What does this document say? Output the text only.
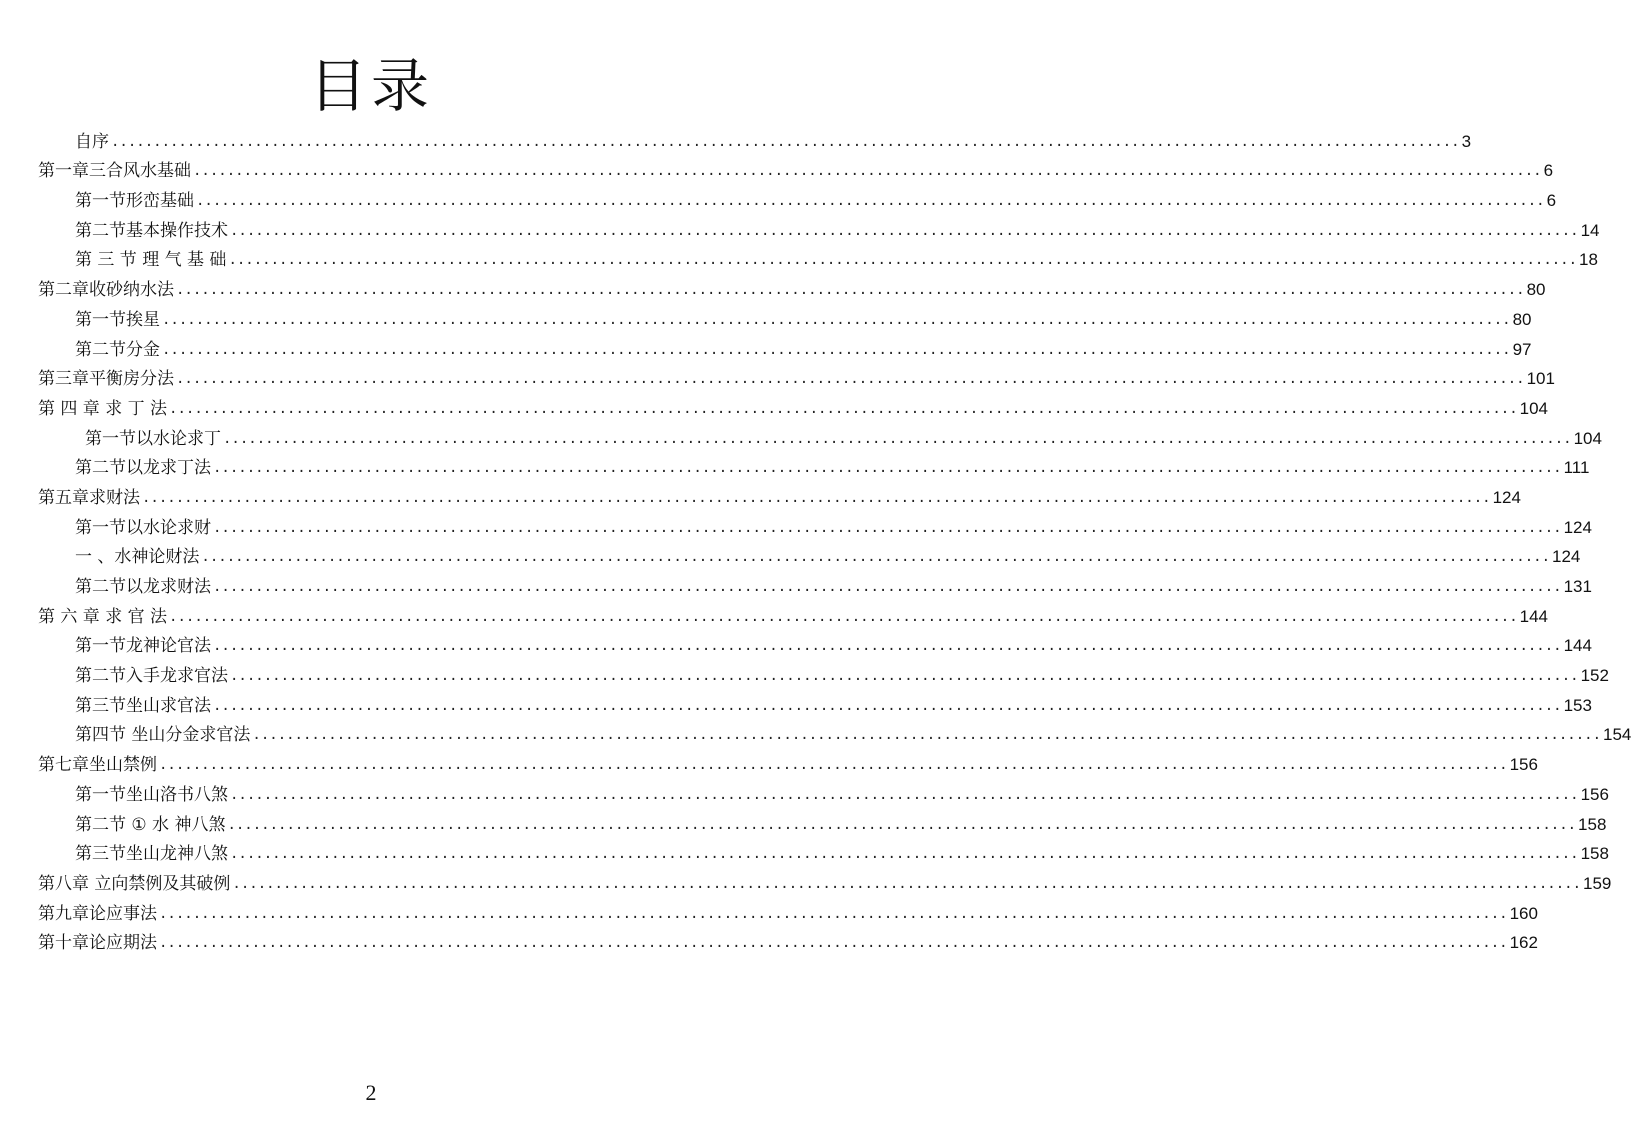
目录
自序 ................................................................................................................................................................ 3
第一章三合风水基础 ................................................................................................................................................................ 6
第一节形峦基础 ................................................................................................................................................................ 6
第二节基本操作技术 ................................................................................................................................................................ 14
第 三 节 理 气 基 础 ................................................................................................................................................................ 18
第二章收砂纳水法 ................................................................................................................................................................ 80
第一节挨星 ................................................................................................................................................................ 80
第二节分金 ................................................................................................................................................................ 97
第三章平衡房分法 ................................................................................................................................................................ 101
第 四 章 求 丁 法 ................................................................................................................................................................ 104
第一节以水论求丁 ................................................................................................................................................................ 104
第二节以龙求丁法 ................................................................................................................................................................ 111
第五章求财法 ................................................................................................................................................................ 124
第一节以水论求财 ................................................................................................................................................................ 124
一 、水神论财法 ................................................................................................................................................................ 124
第二节以龙求财法 ................................................................................................................................................................ 131
第 六 章 求 官 法 ................................................................................................................................................................ 144
第一节龙神论官法 ................................................................................................................................................................ 144
第二节入手龙求官法 ................................................................................................................................................................ 152
第三节坐山求官法 ................................................................................................................................................................ 153
第四节 坐山分金求官法 ................................................................................................................................................................ 154
第七章坐山禁例 ................................................................................................................................................................ 156
第一节坐山洛书八煞 ................................................................................................................................................................ 156
第二节 ① 水 神八煞 ................................................................................................................................................................ 158
第三节坐山龙神八煞 ................................................................................................................................................................ 158
第八章 立向禁例及其破例 ................................................................................................................................................................ 159
第九章论应事法 ................................................................................................................................................................ 160
第十章论应期法 ................................................................................................................................................................ 162
2
